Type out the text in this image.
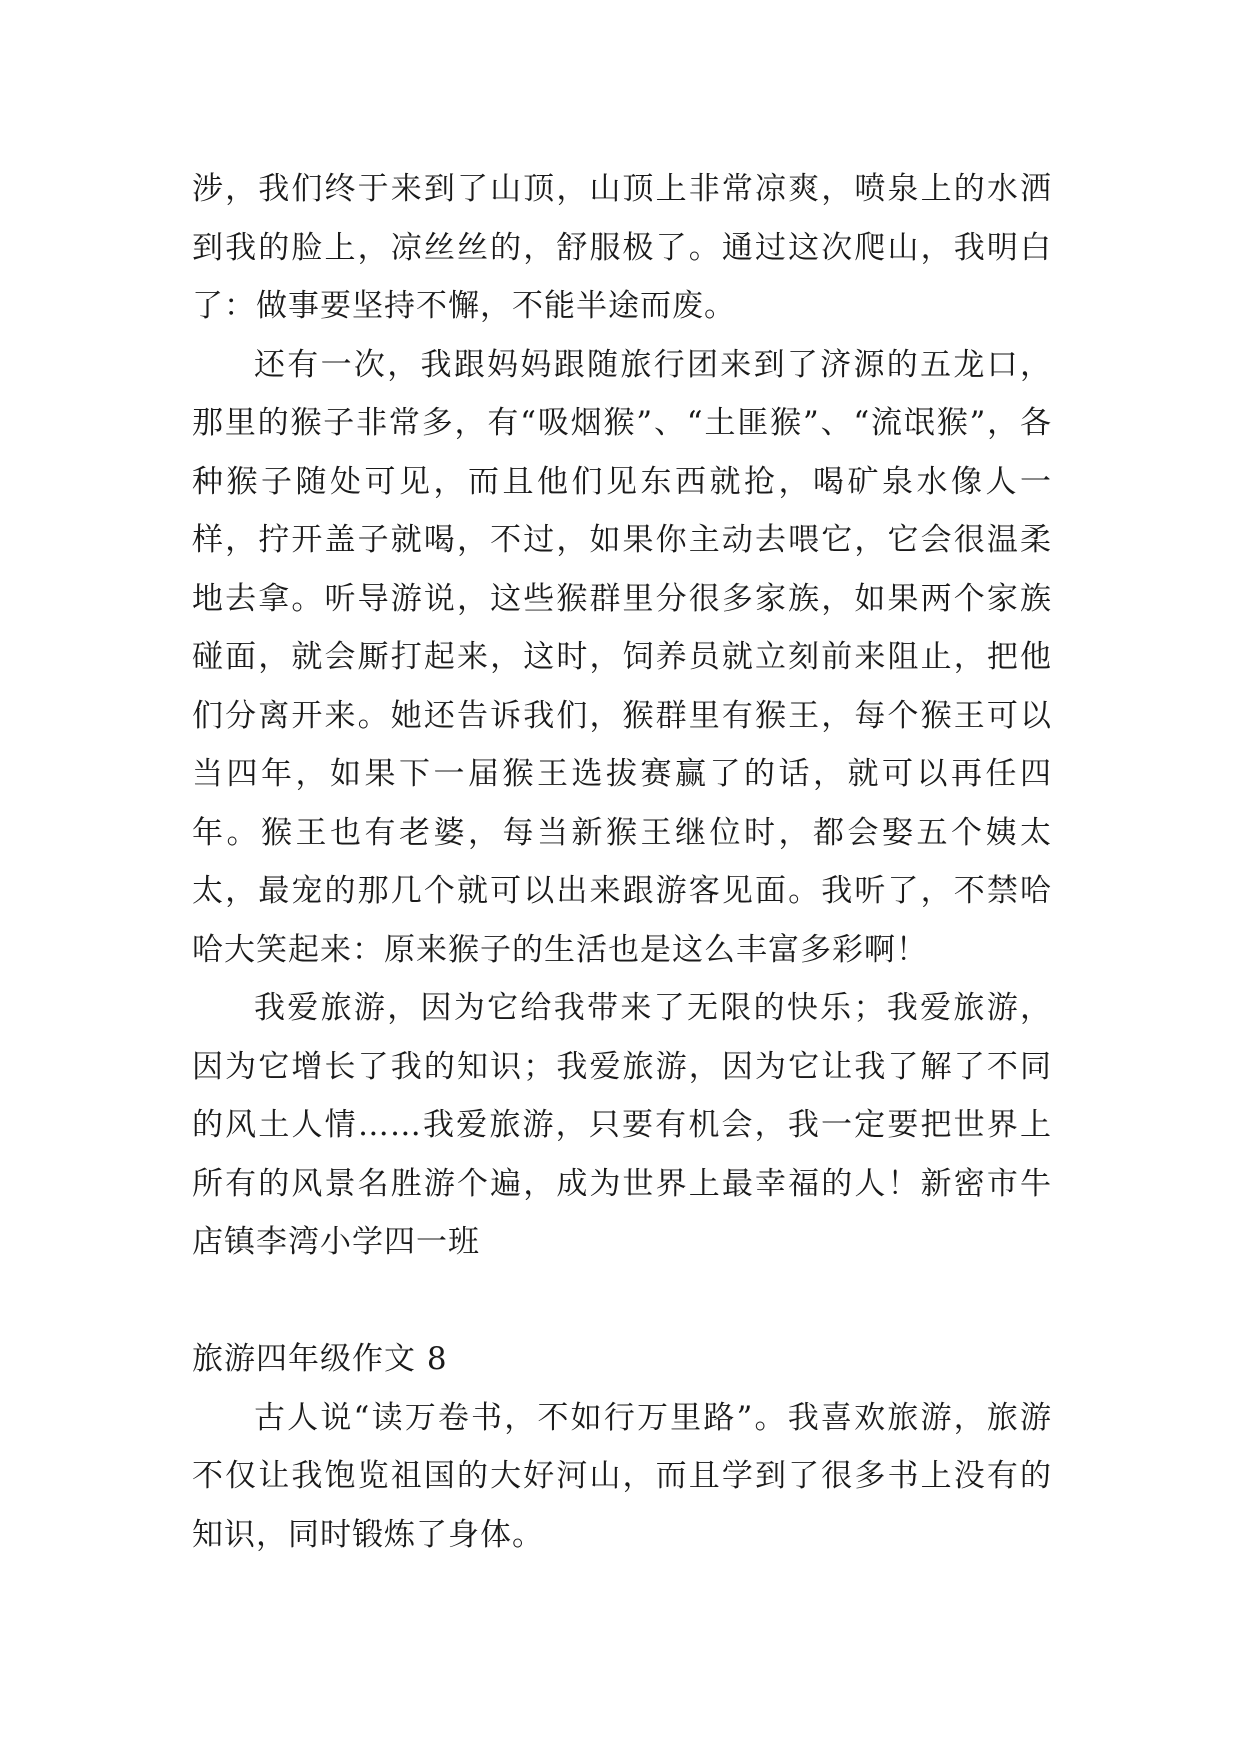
涉，我们终于来到了山顶，山顶上非常凉爽，喷泉上的水洒到我的脸上，凉丝丝的，舒服极了。通过这次爬山，我明白了：做事要坚持不懈，不能半途而废。

还有一次，我跟妈妈跟随旅行团来到了济源的五龙口，那里的猴子非常多，有“吸烟猴”、“土匪猴”、“流氓猴”，各种猴子随处可见，而且他们见东西就抢，喝矿泉水像人一样，拧开盖子就喝，不过，如果你主动去喂它，它会很温柔地去拿。听导游说，这些猴群里分很多家族，如果两个家族碰面，就会厮打起来，这时，饲养员就立刻前来阻止，把他们分离开来。她还告诉我们，猴群里有猴王，每个猴王可以当四年，如果下一届猴王选拔赛赢了的话，就可以再任四年。猴王也有老婆，每当新猴王继位时，都会娶五个姨太太，最宠的那几个就可以出来跟游客见面。我听了，不禁哈哈大笑起来：原来猴子的生活也是这么丰富多彩啊！

我爱旅游，因为它给我带来了无限的快乐；我爱旅游，因为它增长了我的知识；我爱旅游，因为它让我了解了不同的风土人情……我爱旅游，只要有机会，我一定要把世界上所有的风景名胜游个遍，成为世界上最幸福的人！新密市牛店镇李湾小学四一班

旅游四年级作文 8

古人说“读万卷书，不如行万里路”。我喜欢旅游，旅游不仅让我饱览祖国的大好河山，而且学到了很多书上没有的知识，同时锻炼了身体。
